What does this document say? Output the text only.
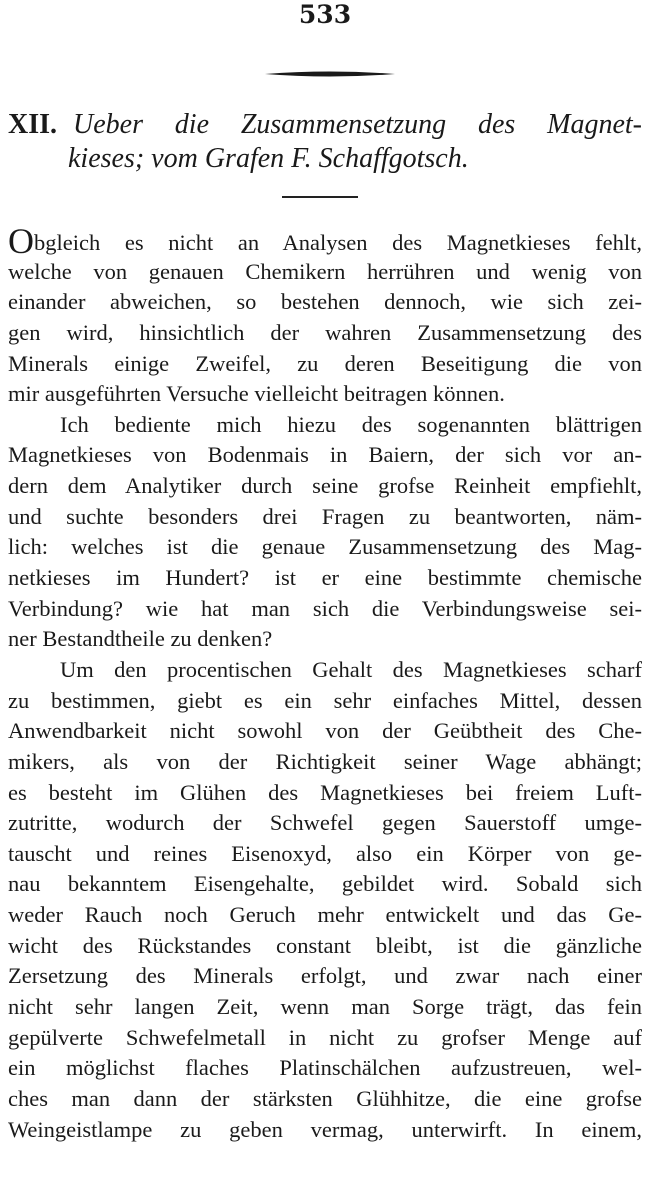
533
XII. Ueber die Zusammensetzung des Magnet-
kieses; vom Grafen F. Schaffgotsch.
Obgleich es nicht an Analysen des Magnetkieses fehlt,
welche von genauen Chemikern herrühren und wenig von
einander abweichen, so bestehen dennoch, wie sich zei-
gen wird, hinsichtlich der wahren Zusammensetzung des
Minerals einige Zweifel, zu deren Beseitigung die von
mir ausgeführten Versuche vielleicht beitragen können.
Ich bediente mich hiezu des sogenannten blättrigen
Magnetkieses von Bodenmais in Baiern, der sich vor an-
dern dem Analytiker durch seine grofse Reinheit empfiehlt,
und suchte besonders drei Fragen zu beantworten, näm-
lich: welches ist die genaue Zusammensetzung des Mag-
netkieses im Hundert? ist er eine bestimmte chemische
Verbindung? wie hat man sich die Verbindungsweise sei-
ner Bestandtheile zu denken?
Um den procentischen Gehalt des Magnetkieses scharf
zu bestimmen, giebt es ein sehr einfaches Mittel, dessen
Anwendbarkeit nicht sowohl von der Geübtheit des Che-
mikers, als von der Richtigkeit seiner Wage abhängt;
es besteht im Glühen des Magnetkieses bei freiem Luft-
zutritte, wodurch der Schwefel gegen Sauerstoff umge-
tauscht und reines Eisenoxyd, also ein Körper von ge-
nau bekanntem Eisengehalte, gebildet wird. Sobald sich
weder Rauch noch Geruch mehr entwickelt und das Ge-
wicht des Rückstandes constant bleibt, ist die gänzliche
Zersetzung des Minerals erfolgt, und zwar nach einer
nicht sehr langen Zeit, wenn man Sorge trägt, das fein
gepülverte Schwefelmetall in nicht zu grofser Menge auf
ein möglichst flaches Platinschälchen aufzustreuen, wel-
ches man dann der stärksten Glühhitze, die eine grofse
Weingeistlampe zu geben vermag, unterwirft. In einem,
